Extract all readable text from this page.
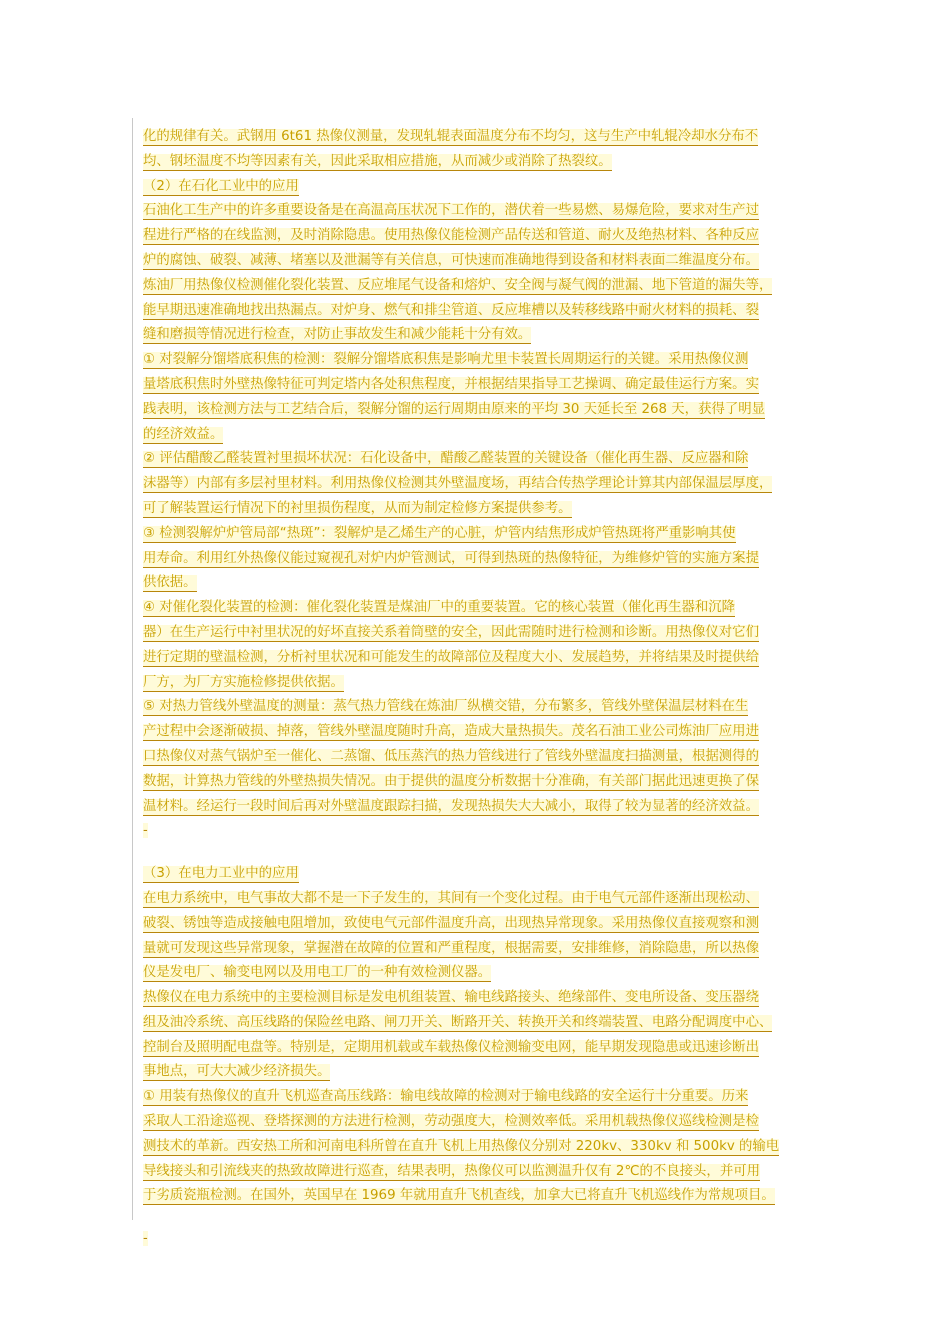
化的规律有关。武钢用 6t61 热像仪测量，发现轧辊表面温度分布不均匀，这与生产中轧辊冷却水分布不
均、钢坯温度不均等因素有关，因此采取相应措施，从而减少或消除了热裂纹。
（2）在石化工业中的应用
石油化工生产中的许多重要设备是在高温高压状况下工作的，潜伏着一些易燃、易爆危险，要求对生产过
程进行严格的在线监测，及时消除隐患。使用热像仪能检测产品传送和管道、耐火及绝热材料、各种反应
炉的腐蚀、破裂、减薄、堵塞以及泄漏等有关信息，可快速而准确地得到设备和材料表面二维温度分布。
炼油厂用热像仪检测催化裂化装置、反应堆尾气设备和熔炉、安全阀与凝气阀的泄漏、地下管道的漏失等，
能早期迅速准确地找出热漏点。对炉身、燃气和排尘管道、反应堆槽以及转移线路中耐火材料的损耗、裂
缝和磨损等情况进行检查，对防止事故发生和减少能耗十分有效。
① 对裂解分馏塔底积焦的检测：裂解分馏塔底积焦是影响尤里卡装置长周期运行的关键。采用热像仪测
量塔底积焦时外壁热像特征可判定塔内各处积焦程度，并根据结果指导工艺操调、确定最佳运行方案。实
践表明，该检测方法与工艺结合后，裂解分馏的运行周期由原来的平均 30 天延长至 268 天，获得了明显
的经济效益。
② 评估醋酸乙醛装置衬里损坏状况：石化设备中，醋酸乙醛装置的关键设备（催化再生器、反应器和除
沫器等）内部有多层衬里材料。利用热像仪检测其外壁温度场，再结合传热学理论计算其内部保温层厚度，
可了解装置运行情况下的衬里损伤程度，从而为制定检修方案提供参考。
③ 检测裂解炉炉管局部“热斑”：裂解炉是乙烯生产的心脏，炉管内结焦形成炉管热斑将严重影响其使
用寿命。利用红外热像仪能过窥视孔对炉内炉管测试，可得到热斑的热像特征，为维修炉管的实施方案提
供依据。
④ 对催化裂化装置的检测：催化裂化装置是煤油厂中的重要装置。它的核心装置（催化再生器和沉降
器）在生产运行中衬里状况的好坏直接关系着筒壁的安全，因此需随时进行检测和诊断。用热像仪对它们
进行定期的壁温检测，分析衬里状况和可能发生的故障部位及程度大小、发展趋势，并将结果及时提供给
厂方，为厂方实施检修提供依据。
⑤ 对热力管线外壁温度的测量：蒸气热力管线在炼油厂纵横交错，分布繁多，管线外壁保温层材料在生
产过程中会逐渐破损、掉落，管线外壁温度随时升高，造成大量热损失。茂名石油工业公司炼油厂应用进
口热像仪对蒸气锅炉至一催化、二蒸馏、低压蒸汽的热力管线进行了管线外壁温度扫描测量，根据测得的
数据，计算热力管线的外壁热损失情况。由于提供的温度分析数据十分准确，有关部门据此迅速更换了保
温材料。经运行一段时间后再对外壁温度跟踪扫描，发现热损失大大减小，取得了较为显著的经济效益。
-
（3）在电力工业中的应用
在电力系统中，电气事故大都不是一下子发生的，其间有一个变化过程。由于电气元部件逐渐出现松动、
破裂、锈蚀等造成接触电阻增加，致使电气元部件温度升高，出现热异常现象。采用热像仪直接观察和测
量就可发现这些异常现象，掌握潜在故障的位置和严重程度，根据需要，安排维修，消除隐患，所以热像
仪是发电厂、输变电网以及用电工厂的一种有效检测仪器。
热像仪在电力系统中的主要检测目标是发电机组装置、输电线路接头、绝缘部件、变电所设备、变压器绕
组及油冷系统、高压线路的保险丝电路、闸刀开关、断路开关、转换开关和终端装置、电路分配调度中心、
控制台及照明配电盘等。特别是，定期用机载或车载热像仪检测输变电网，能早期发现隐患或迅速诊断出
事地点，可大大减少经济损失。
① 用装有热像仪的直升飞机巡查高压线路：输电线故障的检测对于输电线路的安全运行十分重要。历来
采取人工沿途巡视、登塔探测的方法进行检测，劳动强度大，检测效率低。采用机载热像仪巡线检测是检
测技术的革新。西安热工所和河南电科所曾在直升飞机上用热像仪分别对 220kv、330kv 和 500kv 的输电
导线接头和引流线夹的热致故障进行巡查，结果表明，热像仪可以监测温升仅有 2℃的不良接头，并可用
于劣质瓷瓶检测。在国外，英国早在 1969 年就用直升飞机查线，加拿大已将直升飞机巡线作为常规项目。
-
